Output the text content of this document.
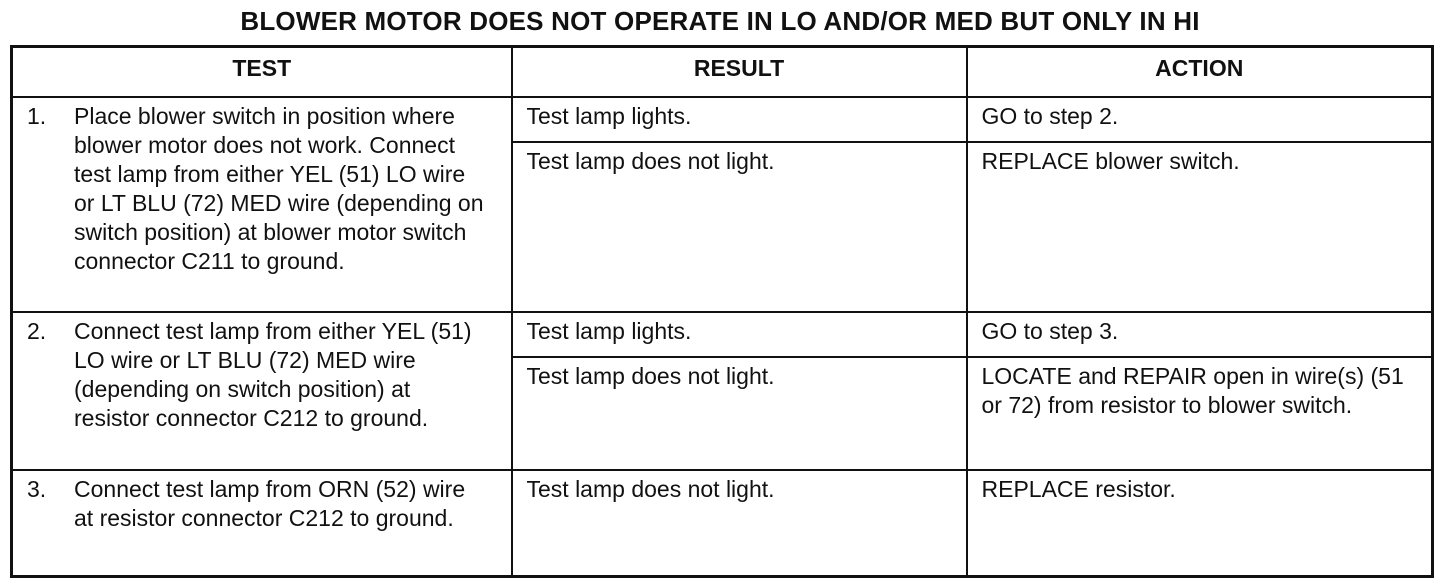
BLOWER MOTOR DOES NOT OPERATE IN LO AND/OR MED BUT ONLY IN HI
TEST	RESULT	ACTION

1. Place blower switch in position where blower motor does not work. Connect test lamp from either YEL (51) LO wire or LT BLU (72) MED wire (depending on switch position) at blower motor switch connector C211 to ground.	Test lamp lights.	GO to step 2.
	Test lamp does not light.	REPLACE blower switch.

2. Connect test lamp from either YEL (51) LO wire or LT BLU (72) MED wire (depending on switch position) at resistor connector C212 to ground.	Test lamp lights.	GO to step 3.
	Test lamp does not light.	LOCATE and REPAIR open in wire(s) (51 or 72) from resistor to blower switch.

3. Connect test lamp from ORN (52) wire at resistor connector C212 to ground.	Test lamp does not light.	REPLACE resistor.
